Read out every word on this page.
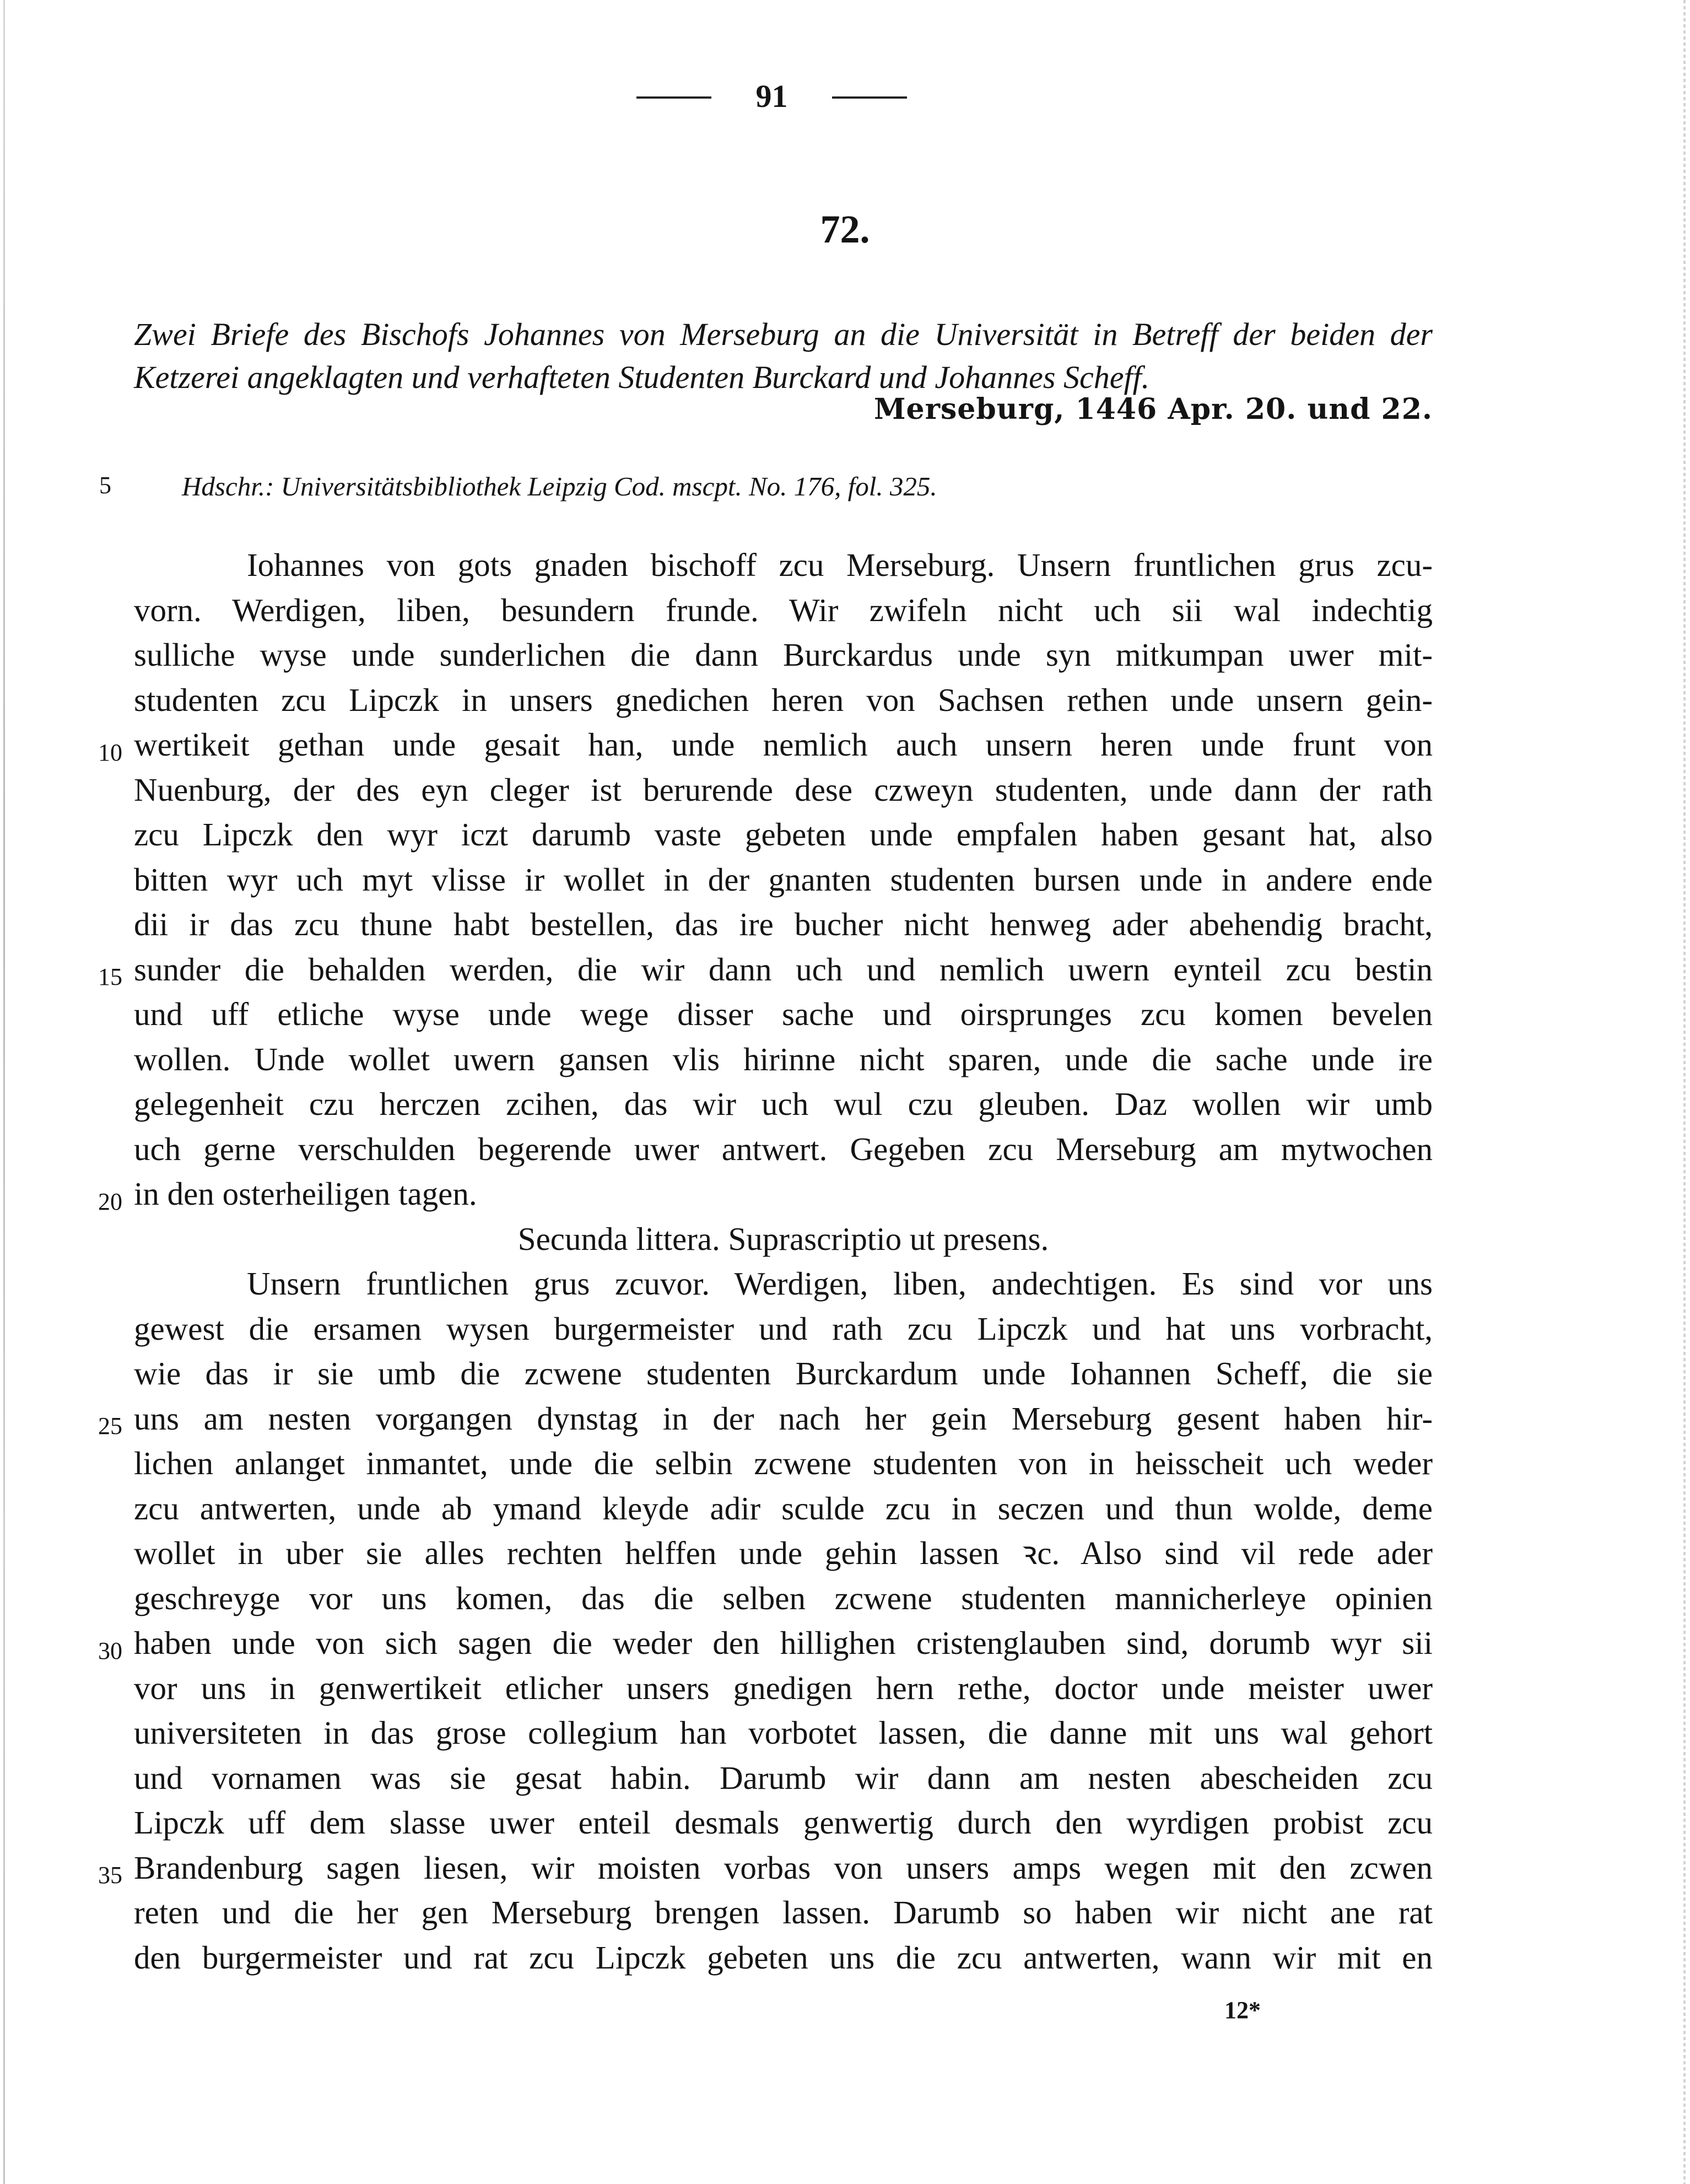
91
72.
Zwei Briefe des Bischofs Johannes von Merseburg an die Universität in Betreff der beiden der Ketzerei angeklagten und verhafteten Studenten Burckard und Johannes Scheff.
Merseburg, 1446 Apr. 20. und 22.
5	Hdschr.: Universitätsbibliothek Leipzig Cod. mscpt. No. 176, fol. 325.
10
15
20
25
30
35
Iohannes von gots gnaden bischoff zcu Merseburg. Unsern fruntlichen grus zcu-
vorn. Werdigen, liben, besundern frunde. Wir zwifeln nicht uch sii wal indechtig
sulliche wyse unde sunderlichen die dann Burckardus unde syn mitkumpan uwer mit-
studenten zcu Lipczk in unsers gnedichen heren von Sachsen rethen unde unsern gein-
wertikeit gethan unde gesait han, unde nemlich auch unsern heren unde frunt von
Nuenburg, der des eyn cleger ist berurende dese czweyn studenten, unde dann der rath
zcu Lipczk den wyr iczt darumb vaste gebeten unde empfalen haben gesant hat, also
bitten wyr uch myt vlisse ir wollet in der gnanten studenten bursen unde in andere ende
dii ir das zcu thune habt bestellen, das ire bucher nicht henweg ader abehendig bracht,
sunder die behalden werden, die wir dann uch und nemlich uwern eynteil zcu bestin
und uff etliche wyse unde wege disser sache und oirsprunges zcu komen bevelen
wollen. Unde wollet uwern gansen vlis hirinne nicht sparen, unde die sache unde ire
gelegenheit czu herczen zcihen, das wir uch wul czu gleuben. Daz wollen wir umb
uch gerne verschulden begerende uwer antwert. Gegeben zcu Merseburg am mytwochen
in den osterheiligen tagen.
Secunda littera. Suprascriptio ut presens.
Unsern fruntlichen grus zcuvor. Werdigen, liben, andechtigen. Es sind vor uns
gewest die ersamen wysen burgermeister und rath zcu Lipczk und hat uns vorbracht,
wie das ir sie umb die zcwene studenten Burckardum unde Iohannen Scheff, die sie
uns am nesten vorgangen dynstag in der nach her gein Merseburg gesent haben hir-
lichen anlanget inmantet, unde die selbin zcwene studenten von in heisscheit uch weder
zcu antwerten, unde ab ymand kleyde adir sculde zcu in seczen und thun wolde, deme
wollet in uber sie alles rechten helffen unde gehin lassen ꝛc. Also sind vil rede ader
geschreyge vor uns komen, das die selben zcwene studenten mannicherleye opinien
haben unde von sich sagen die weder den hillighen cristenglauben sind, dorumb wyr sii
vor uns in genwertikeit etlicher unsers gnedigen hern rethe, doctor unde meister uwer
universiteten in das grose collegium han vorbotet lassen, die danne mit uns wal gehort
und vornamen was sie gesat habin. Darumb wir dann am nesten abescheiden zcu
Lipczk uff dem slasse uwer enteil desmals genwertig durch den wyrdigen probist zcu
Brandenburg sagen liesen, wir moisten vorbas von unsers amps wegen mit den zcwen
reten und die her gen Merseburg brengen lassen. Darumb so haben wir nicht ane rat
den burgermeister und rat zcu Lipczk gebeten uns die zcu antwerten, wann wir mit en
12*
